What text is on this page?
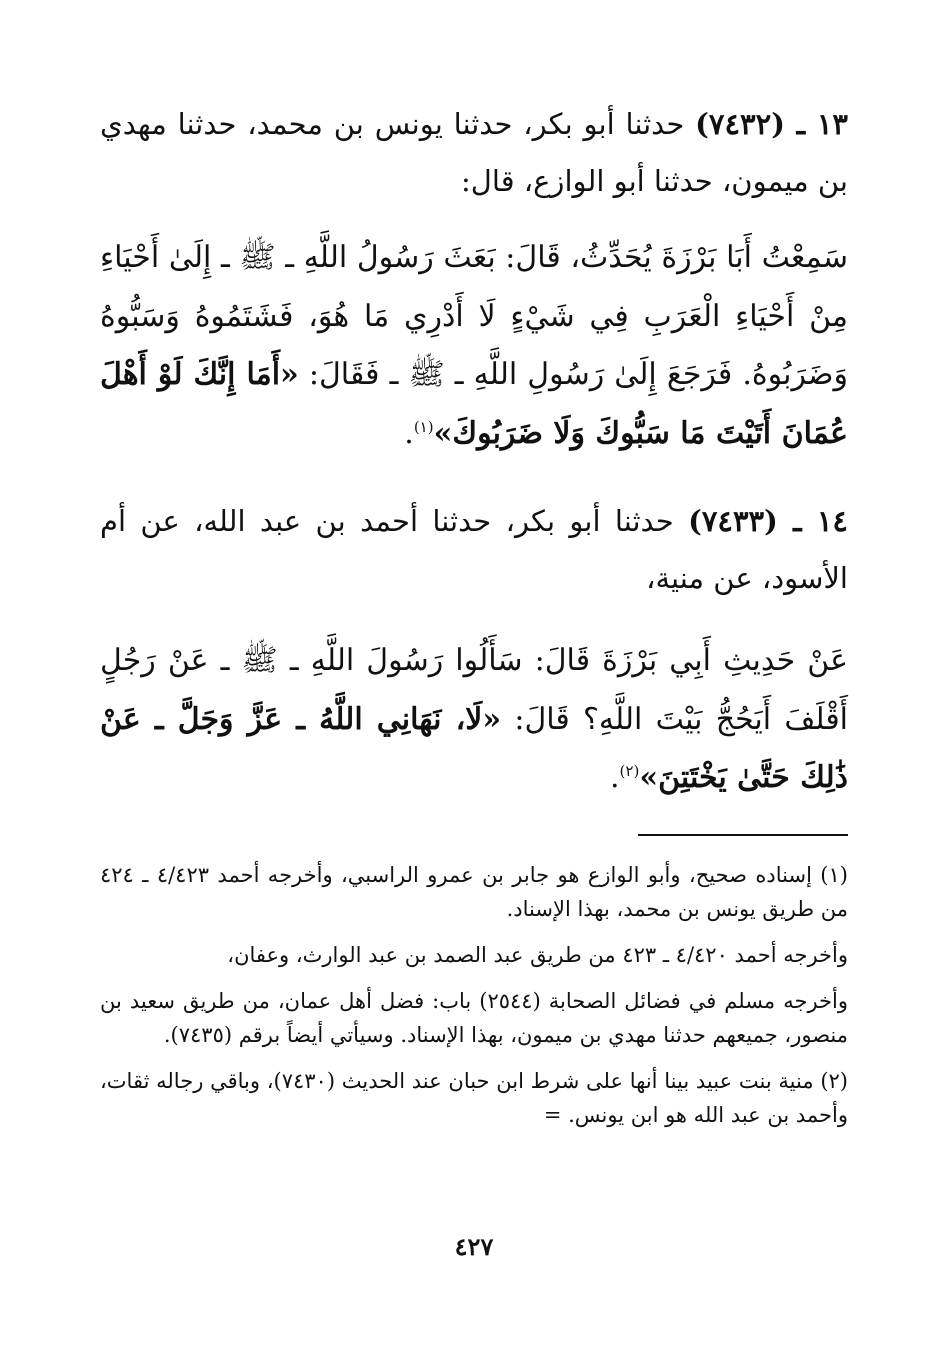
١٣ ـ (٧٤٣٢) حدثنا أبو بكر، حدثنا يونس بن محمد، حدثنا مهدي بن ميمون، حدثنا أبو الوازع، قال:

سَمِعْتُ أَبَا بَرْزَةَ يُحَدِّثُ، قَالَ: بَعَثَ رَسُولُ اللَّهِ ـ ﷺ ـ إِلَىٰ أَحْيَاءِ مِنْ أَحْيَاءِ الْعَرَبِ فِي شَيْءٍ لَا أَدْرِي مَا هُوَ، فَشَتَمُوهُ وَسَبُّوهُ وَضَرَبُوهُ. فَرَجَعَ إِلَىٰ رَسُولِ اللَّهِ ـ ﷺ ـ فَقَالَ: «أَمَا إِنَّكَ لَوْ أَهْلَ عُمَانَ أَتَيْتَ مَا سَبُّوكَ وَلَا ضَرَبُوكَ»$^{(١)}$.

١٤ ـ (٧٤٣٣) حدثنا أبو بكر، حدثنا أحمد بن عبد الله، عن أم الأسود، عن منية،

عَنْ حَدِيثِ أَبِي بَرْزَةَ قَالَ: سَأَلُوا رَسُولَ اللَّهِ ـ ﷺ ـ عَنْ رَجُلٍ أَقْلَفَ أَيَحُجُّ بَيْتَ اللَّهِ؟ قَالَ: «لَا، نَهَانِي اللَّهُ ـ عَزَّ وَجَلَّ ـ عَنْ ذَٰلِكَ حَتَّىٰ يَخْتَتِنَ»$^{(٢)}$.

(١) إسناده صحيح، وأبو الوازع هو جابر بن عمرو الراسبي، وأخرجه أحمد ٤/٤٢٣ ـ ٤٢٤ من طريق يونس بن محمد، بهذا الإسناد.

وأخرجه أحمد ٤/٤٢٠ ـ ٤٢٣ من طريق عبد الصمد بن عبد الوارث، وعفان،

وأخرجه مسلم في فضائل الصحابة (٢٥٤٤) باب: فضل أهل عمان، من طريق سعيد بن منصور، جميعهم حدثنا مهدي بن ميمون، بهذا الإسناد. وسيأتي أيضاً برقم (٧٤٣٥).

(٢) منية بنت عبيد بينا أنها على شرط ابن حبان عند الحديث (٧٤٣٠)، وباقي رجاله ثقات، وأحمد بن عبد الله هو ابن يونس. =

٤٢٧
